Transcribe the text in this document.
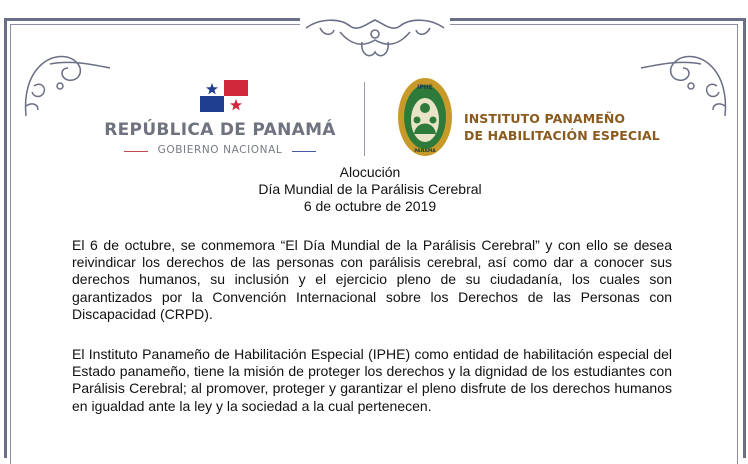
REPÚBLICA DE PANAMÁ
GOBIERNO NACIONAL
IPHE
PANAMA
INSTITUTO PANAMEÑO
DE HABILITACIÓN ESPECIAL
Alocución
Día Mundial de la Parálisis Cerebral
6 de octubre de 2019
El 6 de octubre, se conmemora “El Día Mundial de la Parálisis Cerebral” y con ello se desea reivindicar los derechos de las personas con parálisis cerebral, así como dar a conocer sus derechos humanos, su inclusión y el ejercicio pleno de su ciudadanía, los cuales son garantizados por la Convención Internacional sobre los Derechos de las Personas con Discapacidad (CRPD).
El Instituto Panameño de Habilitación Especial (IPHE) como entidad de habilitación especial del Estado panameño, tiene la misión de proteger los derechos y la dignidad de los estudiantes con Parálisis Cerebral; al promover, proteger y garantizar el pleno disfrute de los derechos humanos en igualdad ante la ley y la sociedad a la cual pertenecen.
